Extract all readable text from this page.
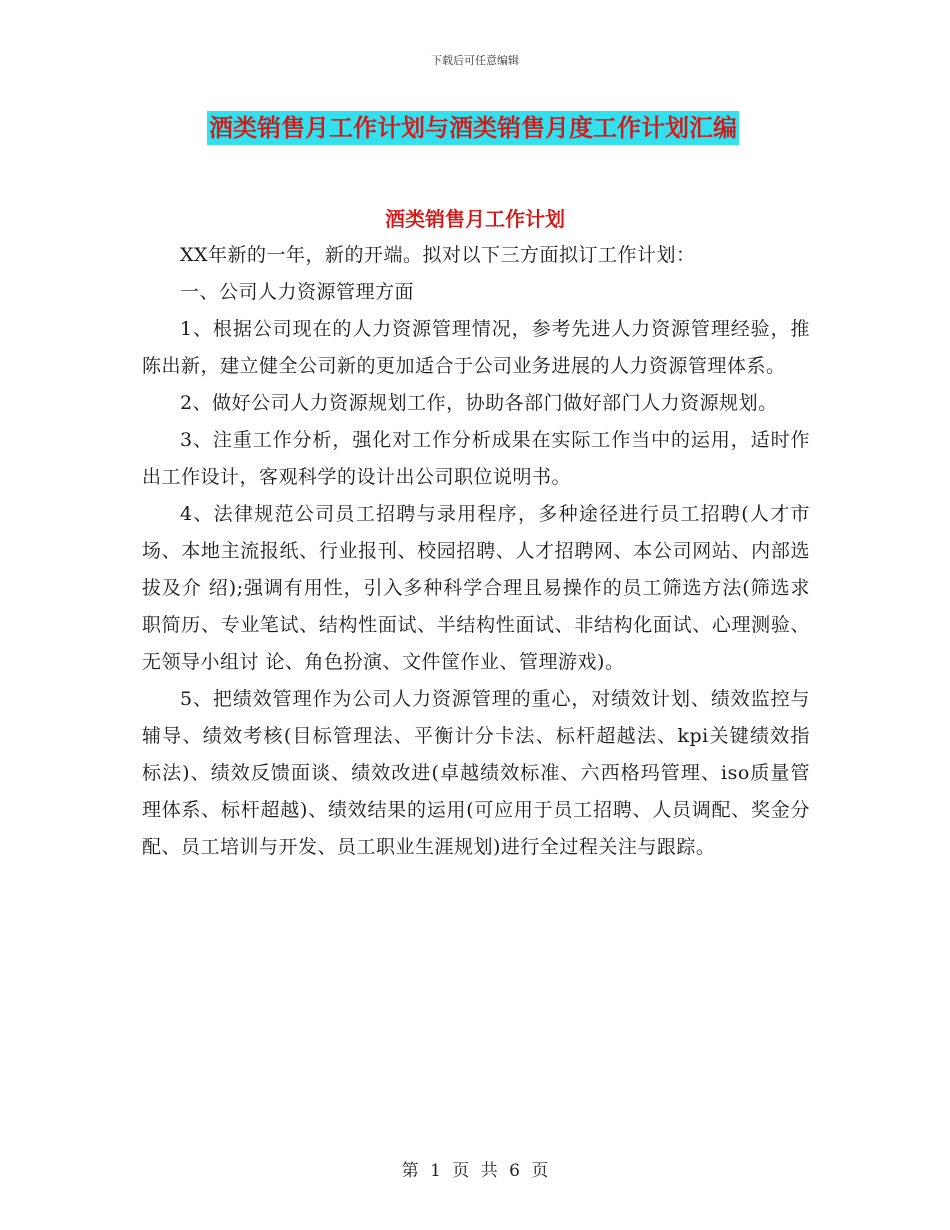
下载后可任意编辑
酒类销售月工作计划与酒类销售月度工作计划汇编
酒类销售月工作计划

XX年新的一年，新的开端。拟对以下三方面拟订工作计划：

一、公司人力资源管理方面

1、根据公司现在的人力资源管理情况，参考先进人力资源管理经验，推陈出新，建立健全公司新的更加适合于公司业务进展的人力资源管理体系。

2、做好公司人力资源规划工作，协助各部门做好部门人力资源规划。

3、注重工作分析，强化对工作分析成果在实际工作当中的运用，适时作出工作设计，客观科学的设计出公司职位说明书。

4、法律规范公司员工招聘与录用程序，多种途径进行员工招聘(人才市场、本地主流报纸、行业报刊、校园招聘、人才招聘网、本公司网站、内部选拔及介 绍);强调有用性，引入多种科学合理且易操作的员工筛选方法(筛选求职简历、专业笔试、结构性面试、半结构性面试、非结构化面试、心理测验、无领导小组讨 论、角色扮演、文件筐作业、管理游戏)。

5、把绩效管理作为公司人力资源管理的重心，对绩效计划、绩效监控与辅导、绩效考核(目标管理法、平衡计分卡法、标杆超越法、kpi关键绩效指 标法)、绩效反馈面谈、绩效改进(卓越绩效标准、六西格玛管理、iso质量管理体系、标杆超越)、绩效结果的运用(可应用于员工招聘、人员调配、奖金分 配、员工培训与开发、员工职业生涯规划)进行全过程关注与跟踪。

第 1 页 共 6 页
